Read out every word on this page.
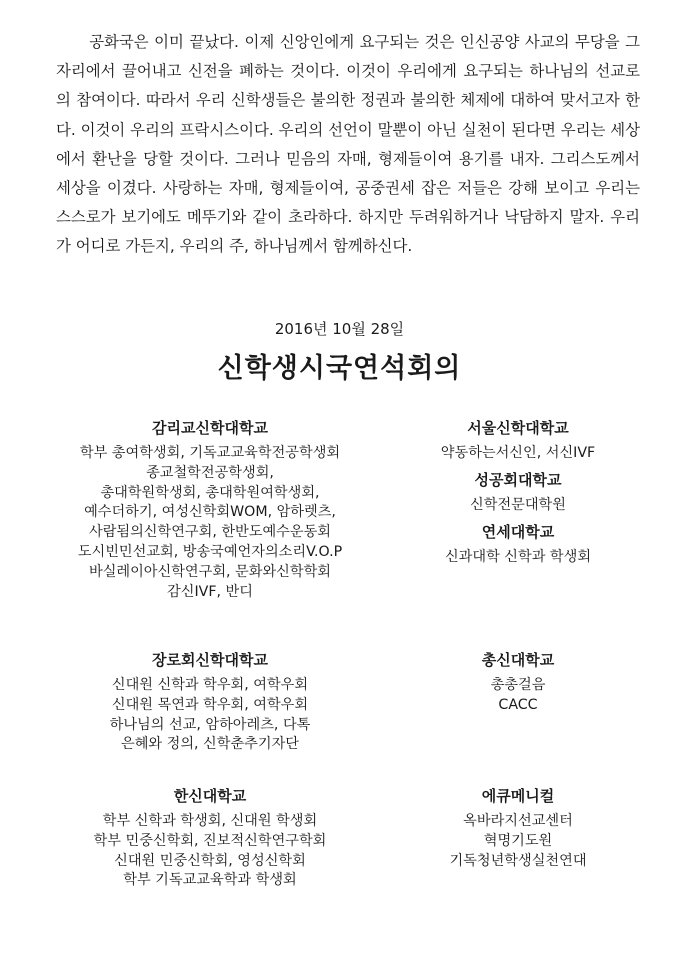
공화국은 이미 끝났다. 이제 신앙인에게 요구되는 것은 인신공양 사교의 무당을 그 자리에서 끌어내고 신전을 폐하는 것이다. 이것이 우리에게 요구되는 하나님의 선교로의 참여이다. 따라서 우리 신학생들은 불의한 정권과 불의한 체제에 대하여 맞서고자 한다. 이것이 우리의 프락시스이다. 우리의 선언이 말뿐이 아닌 실천이 된다면 우리는 세상에서 환난을 당할 것이다. 그러나 믿음의 자매, 형제들이여 용기를 내자. 그리스도께서 세상을 이겼다. 사랑하는 자매, 형제들이여, 공중권세 잡은 저들은 강해 보이고 우리는 스스로가 보기에도 메뚜기와 같이 초라하다. 하지만 두려워하거나 낙담하지 말자. 우리가 어디로 가든지, 우리의 주, 하나님께서 함께하신다.
2016년 10월 28일
신학생시국연석회의
감리교신학대학교
학부 총여학생회, 기독교교육학전공학생회
종교철학전공학생회,
총대학원학생회, 총대학원여학생회,
예수더하기, 여성신학회WOM, 암하렛츠,
사람됨의신학연구회, 한반도예수운동회
도시빈민선교회, 방송국예언자의소리V.O.P
바실레이아신학연구회, 문화와신학학회
감신IVF, 반디
장로회신학대학교
신대원 신학과 학우회, 여학우회
신대원 목연과 학우회, 여학우회
하나님의 선교, 암하아레츠, 다톡
은혜와 정의, 신학춘추기자단
한신대학교
학부 신학과 학생회, 신대원 학생회
학부 민중신학회, 진보적신학연구학회
신대원 민중신학회, 영성신학회
학부 기독교교육학과 학생회
서울신학대학교
약동하는서신인, 서신IVF
성공회대학교
신학전문대학원
연세대학교
신과대학 신학과 학생회
총신대학교
총총걸음
CACC
에큐메니컬
옥바라지선교센터
혁명기도원
기독청년학생실천연대
